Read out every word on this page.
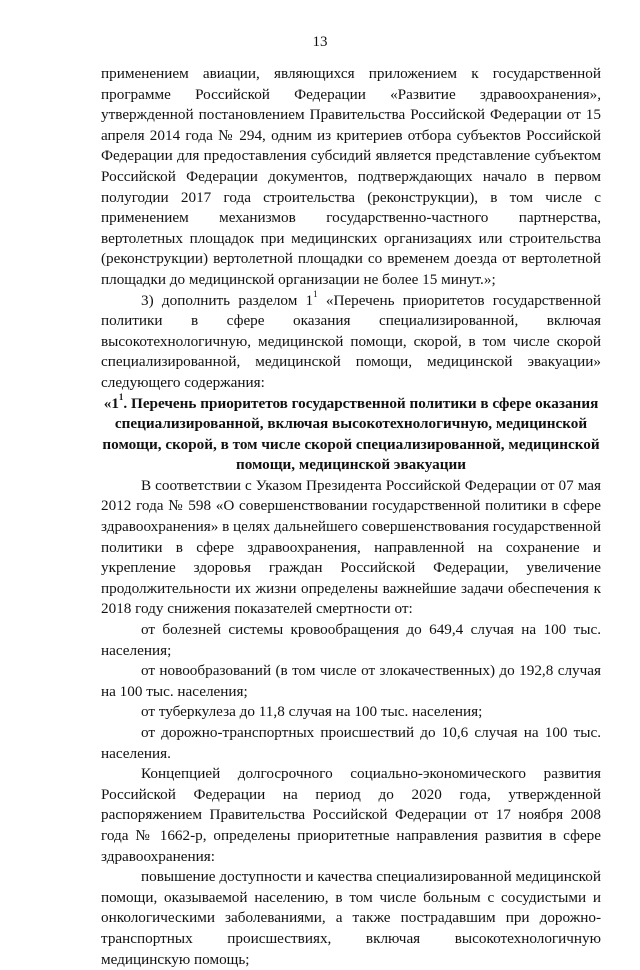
13

применением авиации, являющихся приложением к государственной программе Российской Федерации «Развитие здравоохранения», утвержденной постановлением Правительства Российской Федерации от 15 апреля 2014 года № 294, одним из критериев отбора субъектов Российской Федерации для предоставления субсидий является представление субъектом Российской Федерации документов, подтверждающих начало в первом полугодии 2017 года строительства (реконструкции), в том числе с применением механизмов государственно-частного партнерства, вертолетных площадок при медицинских организациях или строительства (реконструкции) вертолетной площадки со временем доезда от вертолетной площадки до медицинской организации не более 15 минут.»;

3) дополнить разделом $1^1$ «Перечень приоритетов государственной политики в сфере оказания специализированной, включая высокотехнологичную, медицинской помощи, скорой, в том числе скорой специализированной, медицинской помощи, медицинской эвакуации» следующего содержания:

«$1^1$. Перечень приоритетов государственной политики в сфере оказания специализированной, включая высокотехнологичную, медицинской помощи, скорой, в том числе скорой специализированной, медицинской помощи, медицинской эвакуации

В соответствии с Указом Президента Российской Федерации от 07 мая 2012 года № 598 «О совершенствовании государственной политики в сфере здравоохранения» в целях дальнейшего совершенствования государственной политики в сфере здравоохранения, направленной на сохранение и укрепление здоровья граждан Российской Федерации, увеличение продолжительности их жизни определены важнейшие задачи обеспечения к 2018 году снижения показателей смертности от:

от болезней системы кровообращения до 649,4 случая на 100 тыс. населения;

от новообразований (в том числе от злокачественных) до 192,8 случая на 100 тыс. населения;

от туберкулеза до 11,8 случая на 100 тыс. населения;

от дорожно-транспортных происшествий до 10,6 случая на 100 тыс. населения.

Концепцией долгосрочного социально-экономического развития Российской Федерации на период до 2020 года, утвержденной распоряжением Правительства Российской Федерации от 17 ноября 2008 года № 1662-р, определены приоритетные направления развития в сфере здравоохранения:

повышение доступности и качества специализированной медицинской помощи, оказываемой населению, в том числе больным с сосудистыми и онкологическими заболеваниями, а также пострадавшим при дорожно-транспортных происшествиях, включая высокотехнологичную медицинскую помощь;
